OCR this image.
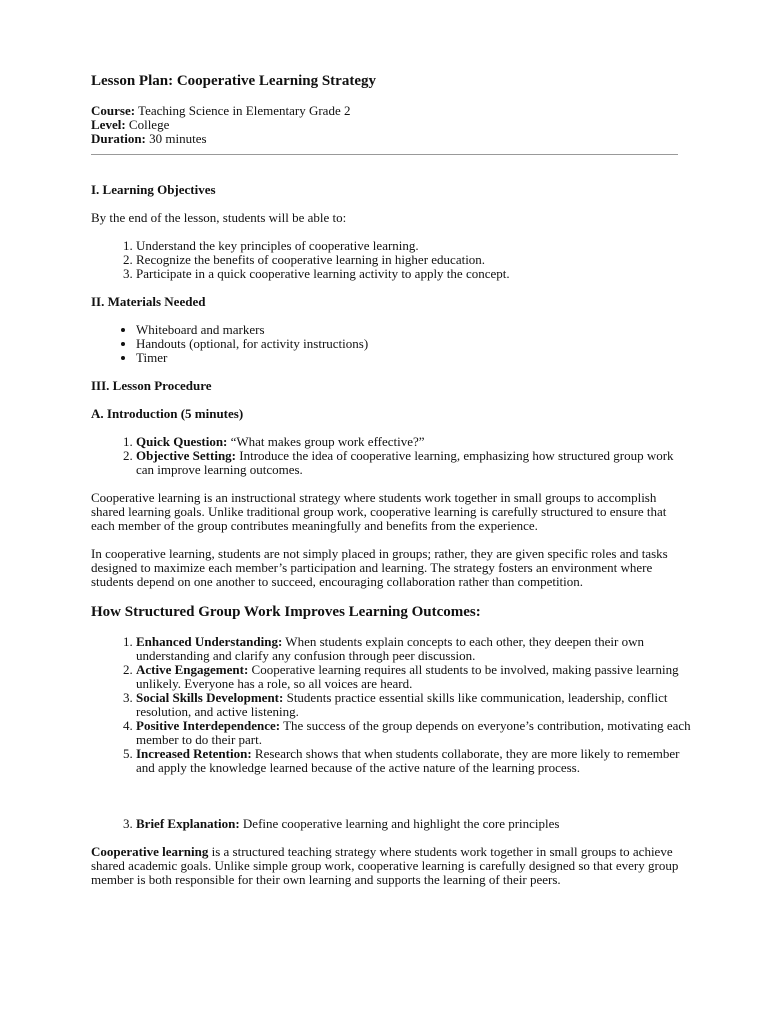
Lesson Plan: Cooperative Learning Strategy

Course: Teaching Science in Elementary Grade 2

Level: College

Duration: 30 minutes

I. Learning Objectives

By the end of the lesson, students will be able to:

1. Understand the key principles of cooperative learning.
2. Recognize the benefits of cooperative learning in higher education.
3. Participate in a quick cooperative learning activity to apply the concept.
II. Materials Needed
• Whiteboard and markers
• Handouts (optional, for activity instructions)
• Timer
III. Lesson Procedure
A. Introduction (5 minutes)
1. Quick Question: “What makes group work effective?”
2. Objective Setting: Introduce the idea of cooperative learning, emphasizing how structured group work can improve learning outcomes.

Cooperative learning is an instructional strategy where students work together in small groups to accomplish shared learning goals. Unlike traditional group work, cooperative learning is carefully structured to ensure that each member of the group contributes meaningfully and benefits from the experience.

In cooperative learning, students are not simply placed in groups; rather, they are given specific roles and tasks designed to maximize each member’s participation and learning. The strategy fosters an environment where students depend on one another to succeed, encouraging collaboration rather than competition.

How Structured Group Work Improves Learning Outcomes:
1. Enhanced Understanding: When students explain concepts to each other, they deepen their own understanding and clarify any confusion through peer discussion.
2. Active Engagement: Cooperative learning requires all students to be involved, making passive learning unlikely. Everyone has a role, so all voices are heard.
3. Social Skills Development: Students practice essential skills like communication, leadership, conflict resolution, and active listening.
4. Positive Interdependence: The success of the group depends on everyone’s contribution, motivating each member to do their part.
5. Increased Retention: Research shows that when students collaborate, they are more likely to remember and apply the knowledge learned because of the active nature of the learning process.
3. Brief Explanation: Define cooperative learning and highlight the core principles

Cooperative learning is a structured teaching strategy where students work together in small groups to achieve shared academic goals. Unlike simple group work, cooperative learning is carefully designed so that every group member is both responsible for their own learning and supports the learning of their peers.
